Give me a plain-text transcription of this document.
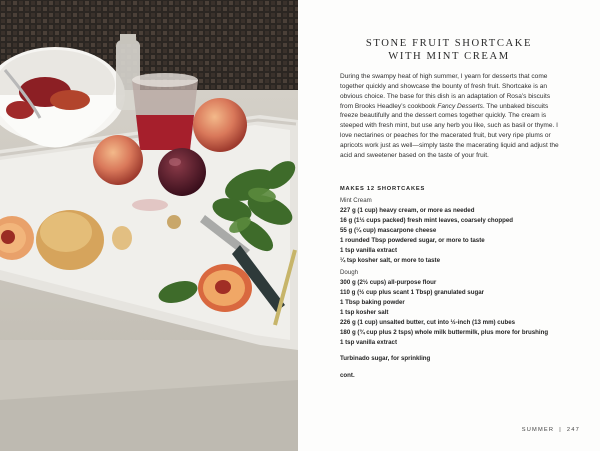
STONE FRUIT SHORTCAKE
WITH MINT CREAM

During the swampy heat of high summer, I yearn for desserts that come together quickly and showcase the bounty of fresh fruit. Shortcake is an obvious choice. The base for this dish is an adaptation of Rosa’s biscuits from Brooks Headley’s cookbook Fancy Desserts. The unbaked biscuits freeze beautifully and the dessert comes together quickly. The cream is steeped with fresh mint, but use any herb you like, such as basil or thyme. I love nectarines or peaches for the macerated fruit, but very ripe plums or apricots work just as well—simply taste the macerating liquid and adjust the acid and sweetener based on the taste of your fruit.

MAKES 12 SHORTCAKES
Mint Cream
227 g (1 cup) heavy cream, or more as needed
16 g (1½ cups packed) fresh mint leaves, coarsely chopped
55 g (¼ cup) mascarpone cheese
1 rounded Tbsp powdered sugar, or more to taste
1 tsp vanilla extract
¼ tsp kosher salt, or more to taste
Dough
300 g (2½ cups) all-purpose flour
110 g (½ cup plus scant 1 Tbsp) granulated sugar
1 Tbsp baking powder
1 tsp kosher salt
226 g (1 cup) unsalted butter, cut into ½-inch (13 mm) cubes
180 g (¾ cup plus 2 tsps) whole milk buttermilk, plus more for brushing
1 tsp vanilla extract
Turbinado sugar, for sprinkling
cont.
SUMMER | 247
